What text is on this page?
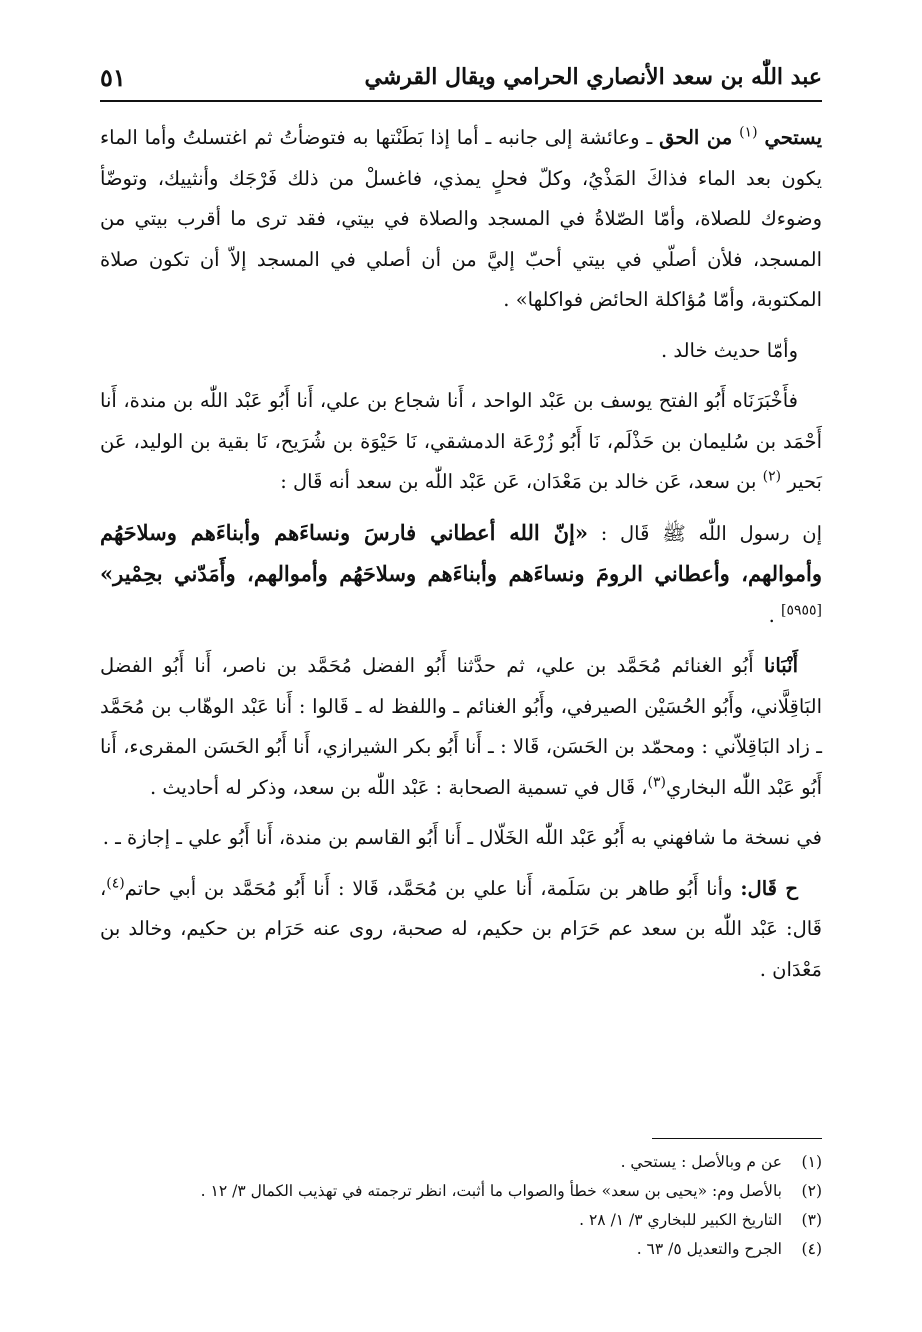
عبد اللّٰه بن سعد الأنصاري الحرامي ويقال القرشي
٥١

يستحي $^{(١)}$ من الحق ـ وعائشة إلى جانبه ـ أما إذا بَطَنْتها به فتوضأتُ ثم اغتسلتُ وأما الماء يكون بعد الماء فذاكَ المَذْيُ، وكلّ فحلٍ يمذي، فاغسلْ من ذلك فَرْجَك وأنثييك، وتوضّأ وضوءك للصلاة، وأمّا الصّلاةُ في المسجد والصلاة في بيتي، فقد ترى ما أقرب بيتي من المسجد، فلأن أصلّي في بيتي أحبّ إليَّ من أن أصلي في المسجد إلاّ أن تكون صلاة المكتوبة، وأمّا مُؤاكلة الحائض فواكلها» .

وأمّا حديث خالد .

فأَخْبَرَنَاه أَبُو الفتح يوسف بن عَبْد الواحد ، أَنا شجاع بن علي، أَنا أَبُو عَبْد اللّٰه بن مندة، أَنا أَحْمَد بن سُليمان بن حَذْلَم، نَا أَبُو زُرْعَة الدمشقي، نَا حَيْوَة بن شُرَيح، نَا بقية بن الوليد، عَن بَحير $^{(٢)}$ بن سعد، عَن خالد بن مَعْدَان، عَن عَبْد اللّٰه بن سعد أنه قَال :

إن رسول اللّٰه ﷺ قَال : «إنّ الله أعطاني فارسَ ونساءَهم وأبناءَهم وسلاحَهُم وأموالهم، وأعطاني الرومَ ونساءَهم وأبناءَهم وسلاحَهُم وأموالهم، وأَمَدّني بحِمْير» [٥٩٥٥] .

أَنْبَانا أَبُو الغنائم مُحَمَّد بن علي، ثم حدَّثنا أَبُو الفضل مُحَمَّد بن ناصر، أَنا أَبُو الفضل البَاقِلَّاني، وأَبُو الحُسَيْن الصيرفي، وأَبُو الغنائم ـ واللفظ له ـ قَالوا : أَنا عَبْد الوهّاب بن مُحَمَّد ـ زاد البَاقِلاّني : ومحمّد بن الحَسَن، قَالا : ـ أَنا أَبُو بكر الشيرازي، أَنا أَبُو الحَسَن المقرىء، أَنا أَبُو عَبْد اللّٰه البخاري$^{(٣)}$، قَال في تسمية الصحابة : عَبْد اللّٰه بن سعد، وذكر له أحاديث .

في نسخة ما شافهني به أَبُو عَبْد اللّٰه الخَلّال ـ أَنا أَبُو القاسم بن مندة، أَنا أَبُو علي ـ إجازة ـ .

ح قَال: وأنا أَبُو طاهر بن سَلَمة، أَنا علي بن مُحَمَّد، قَالا : أَنا أَبُو مُحَمَّد بن أبي حاتم$^{(٤)}$، قَال: عَبْد اللّٰه بن سعد عم حَرَام بن حكيم، له صحبة، روى عنه حَرَام بن حكيم، وخالد بن مَعْدَان .

(١)
عن م وبالأصل : يستحي .
(٢)
بالأصل وم: «يحيى بن سعد» خطأ والصواب ما أثبت، انظر ترجمته في تهذيب الكمال ٣/ ١٢ .
(٣)
التاريخ الكبير للبخاري ٣/ ١/ ٢٨ .
(٤)
الجرح والتعديل ٥/ ٦٣ .
